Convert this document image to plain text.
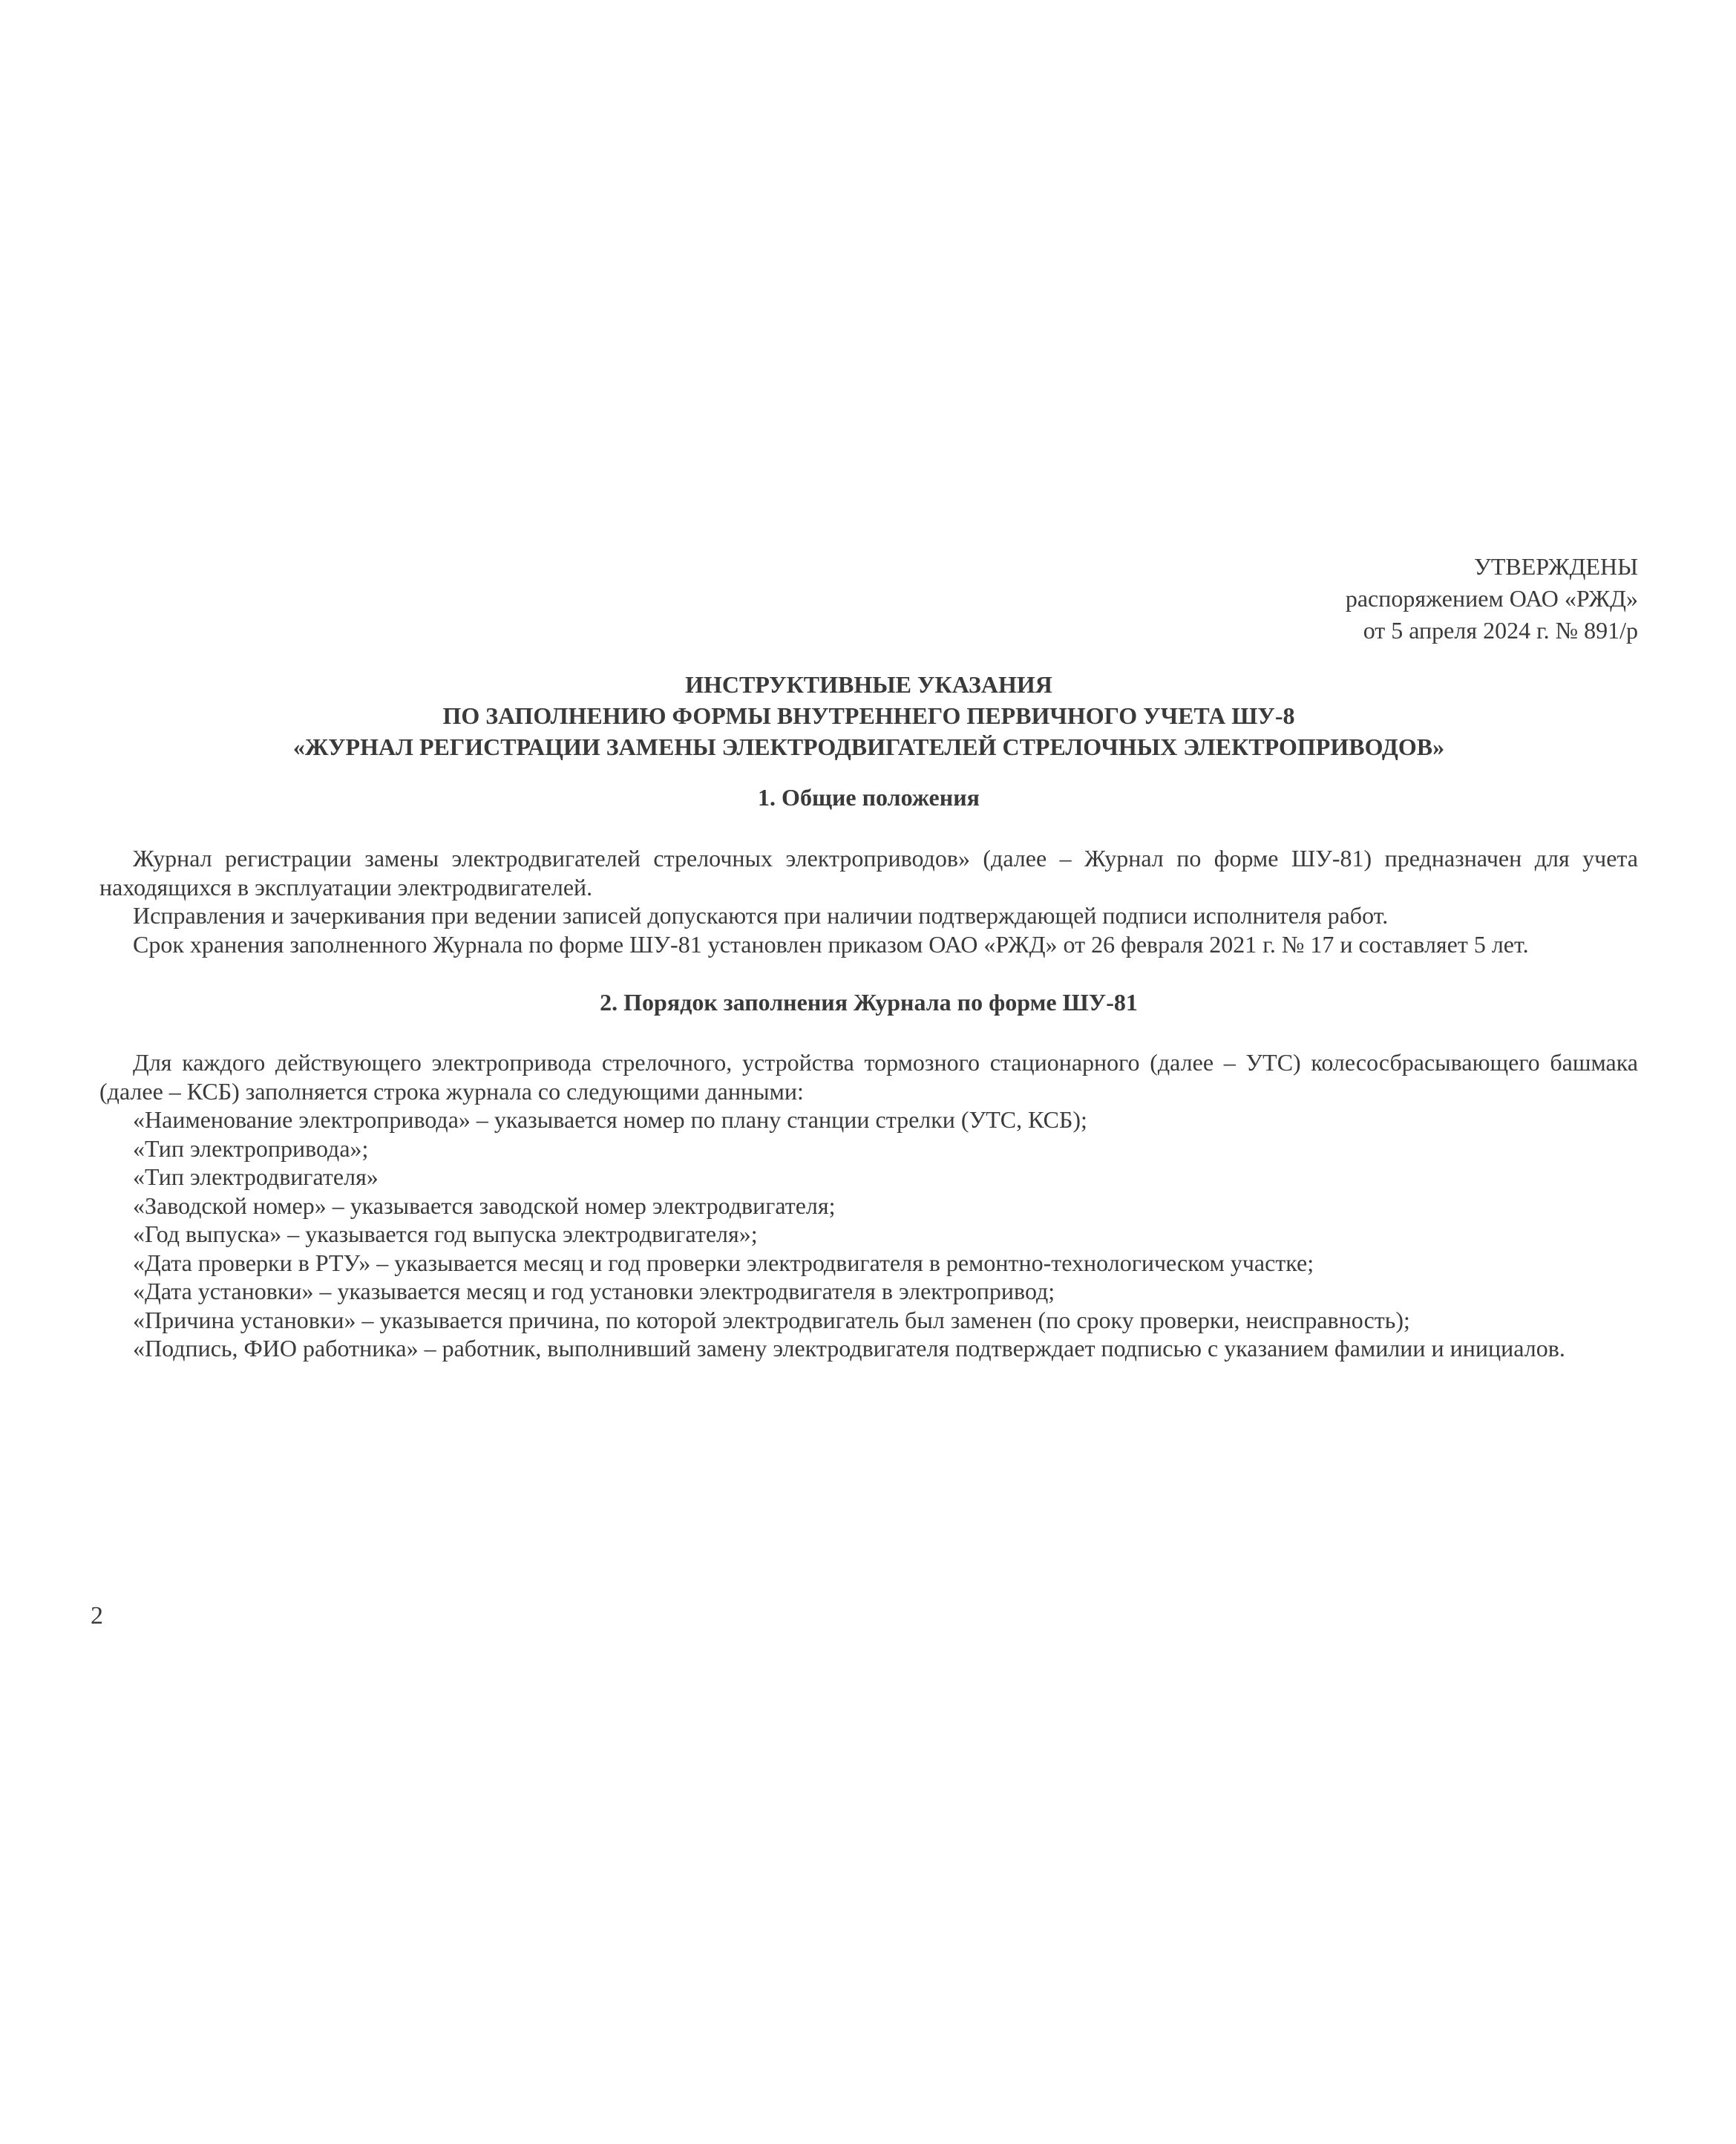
УТВЕРЖДЕНЫ
распоряжением ОАО «РЖД»
от 5 апреля 2024 г. № 891/р
ИНСТРУКТИВНЫЕ УКАЗАНИЯ
ПО ЗАПОЛНЕНИЮ ФОРМЫ ВНУТРЕННЕГО ПЕРВИЧНОГО УЧЕТА ШУ-8
«ЖУРНАЛ РЕГИСТРАЦИИ ЗАМЕНЫ ЭЛЕКТРОДВИГАТЕЛЕЙ СТРЕЛОЧНЫХ ЭЛЕКТРОПРИВОДОВ»
1. Общие положения
Журнал регистрации замены электродвигателей стрелочных электроприводов» (далее – Журнал по форме ШУ-81) предназначен для учета
находящихся в эксплуатации электродвигателей.

Исправления и зачеркивания при ведении записей допускаются при наличии подтверждающей подписи исполнителя работ.

Срок хранения заполненного Журнала по форме ШУ-81 установлен приказом ОАО «РЖД» от 26 февраля 2021 г. № 17 и составляет 5 лет.

2. Порядок заполнения Журнала по форме ШУ-81
Для каждого действующего электропривода стрелочного, устройства тормозного стационарного (далее – УТС) колесосбрасывающего башмака
(далее – КСБ) заполняется строка журнала со следующими данными:

«Наименование электропривода» – указывается номер по плану станции стрелки (УТС, КСБ);

«Тип электропривода»;

«Тип электродвигателя»

«Заводской номер» – указывается заводской номер электродвигателя;

«Год выпуска» – указывается год выпуска электродвигателя»;

«Дата проверки в РТУ» – указывается месяц и год проверки электродвигателя в ремонтно-технологическом участке;

«Дата установки» – указывается месяц и год установки электродвигателя в электропривод;

«Причина установки» – указывается причина, по которой электродвигатель был заменен (по сроку проверки, неисправность);

«Подпись, ФИО работника» – работник, выполнивший замену электродвигателя подтверждает подписью с указанием фамилии и инициалов.

2
